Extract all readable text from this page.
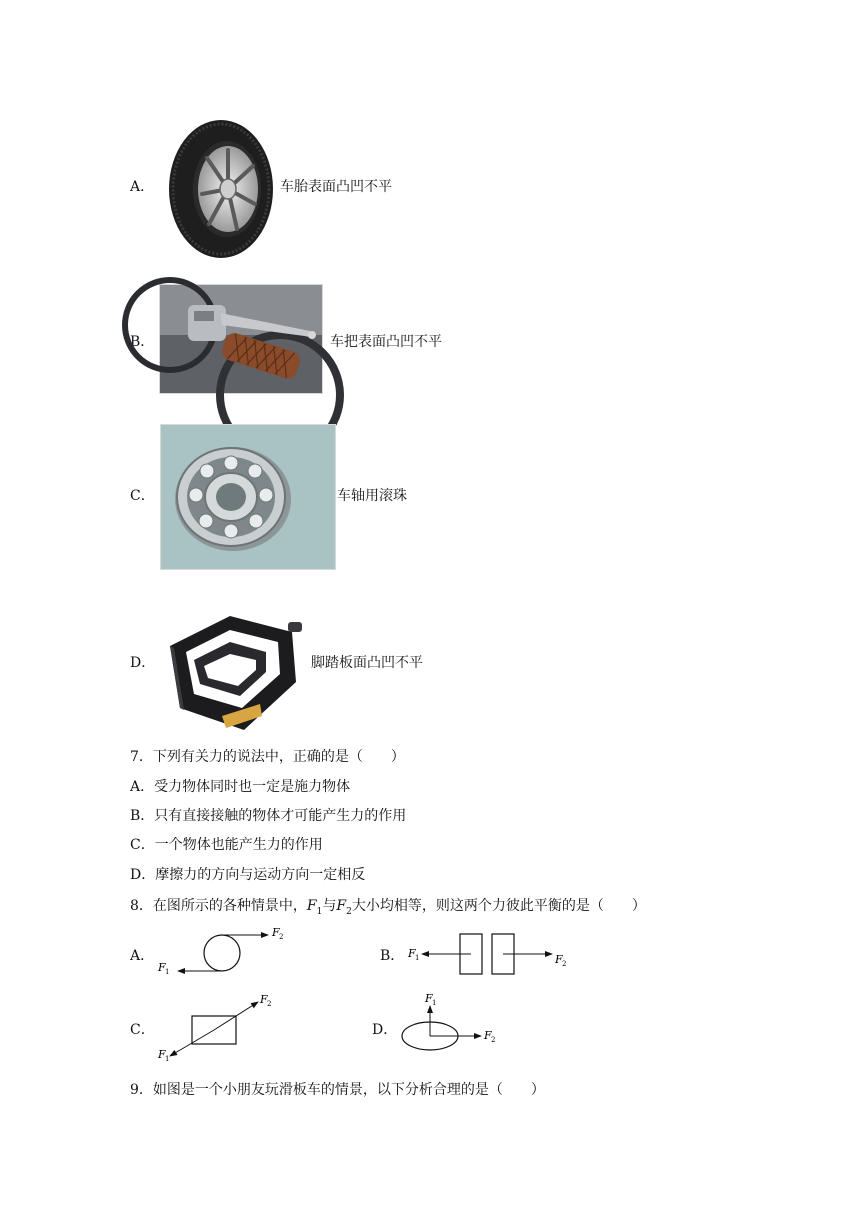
A．	车胎表面凸凹不平
B．	车把表面凸凹不平
C．	车轴用滚珠
D．	脚踏板面凸凹不平
7．下列有关力的说法中，正确的是（　　）
A．受力物体同时也一定是施力物体
B．只有直接接触的物体才可能产生力的作用
C．一个物体也能产生力的作用
D．摩擦力的方向与运动方向一定相反
8．在图所示的各种情景中，$F_1$与$F_2$大小均相等，则这两个力彼此平衡的是（　　）
A．
F 2
F 1
B． F 1	F 2
C．
F 2
F 1
D．
F 1
F 2
9．如图是一个小朋友玩滑板车的情景，以下分析合理的是（　　）
